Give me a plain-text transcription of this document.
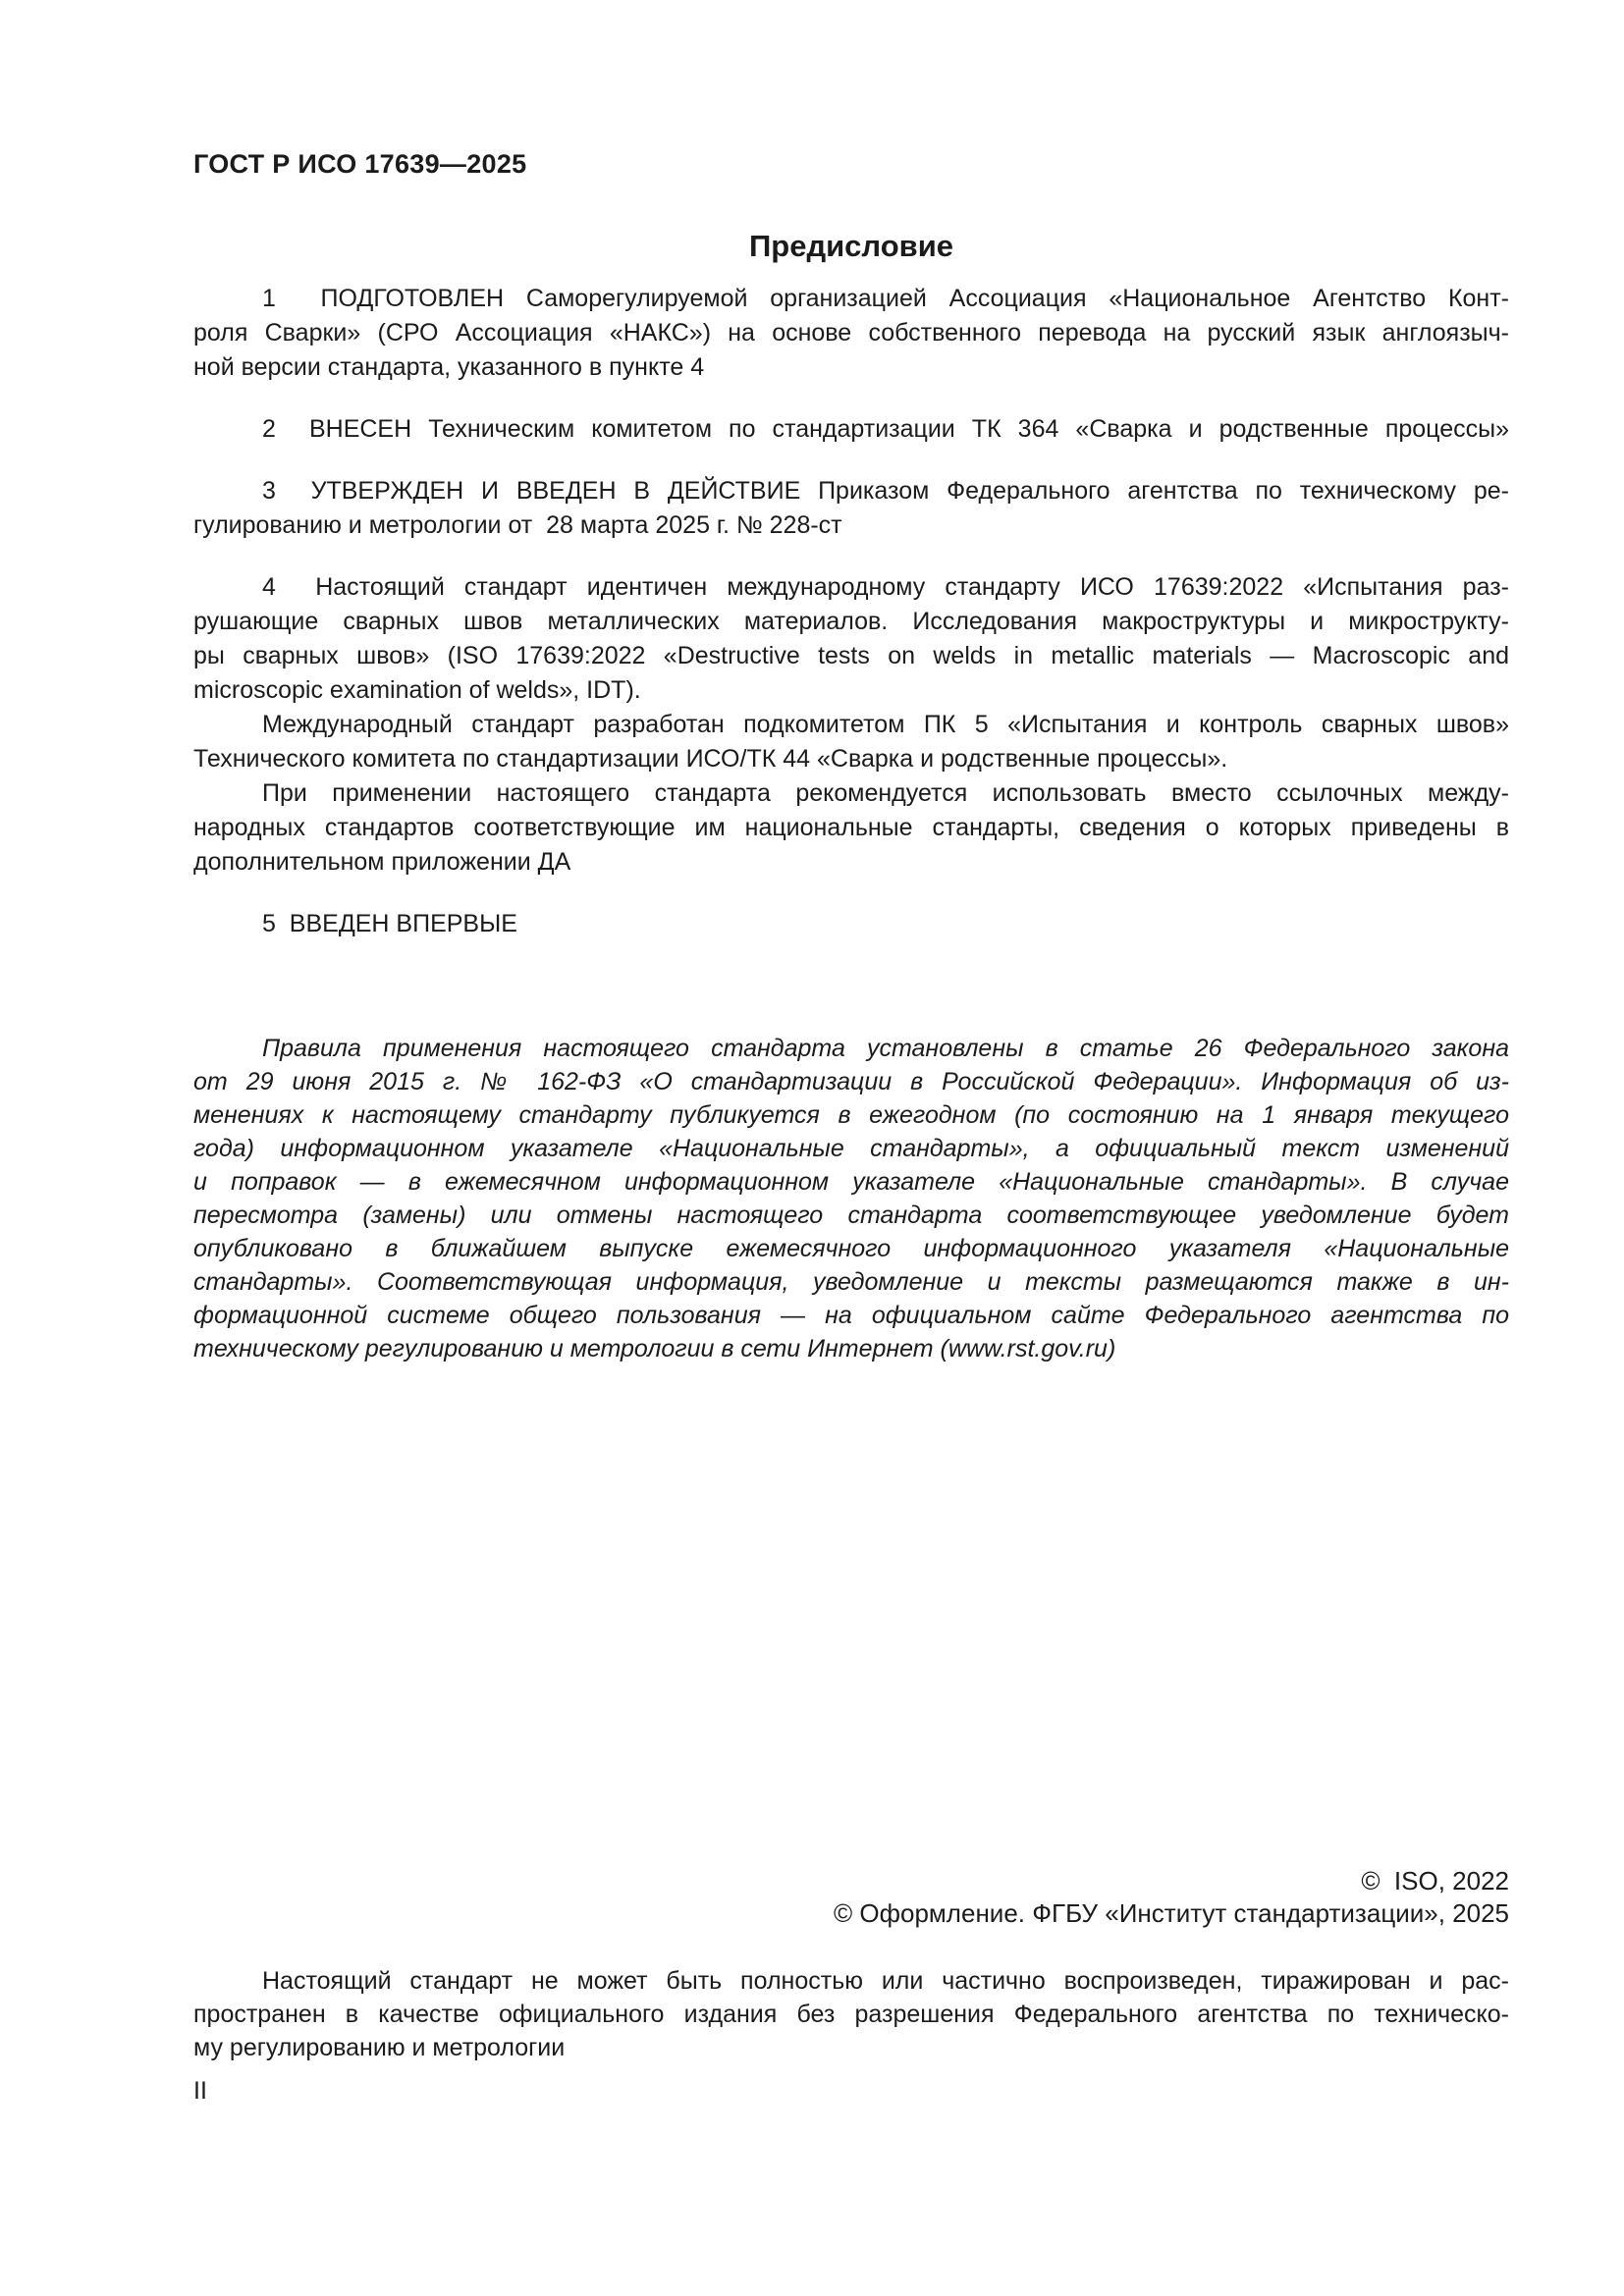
ГОСТ Р ИСО 17639—2025
Предисловие
1  ПОДГОТОВЛЕН Саморегулируемой организацией Ассоциация «Национальное Агентство Конт-
роля Сварки» (СРО Ассоциация «НАКС») на основе собственного перевода на русский язык англоязыч-
ной версии стандарта, указанного в пункте 4
2  ВНЕСЕН Техническим комитетом по стандартизации ТК 364 «Сварка и родственные процессы»
3  УТВЕРЖДЕН И ВВЕДЕН В ДЕЙСТВИЕ Приказом Федерального агентства по техническому ре-
гулированию и метрологии от  28 марта 2025 г. № 228-ст
4  Настоящий стандарт идентичен международному стандарту ИСО 17639:2022 «Испытания раз-
рушающие сварных швов металлических материалов. Исследования макроструктуры и микрострукту-
ры сварных швов» (ISO 17639:2022 «Destructive tests on welds in metallic materials — Macroscopic and
microscopic examination of welds», IDT).
Международный стандарт разработан подкомитетом ПК 5 «Испытания и контроль сварных швов»
Технического комитета по стандартизации ИСО/ТК 44 «Сварка и родственные процессы».
При применении настоящего стандарта рекомендуется использовать вместо ссылочных между-
народных стандартов соответствующие им национальные стандарты, сведения о которых приведены в
дополнительном приложении ДА
5  ВВЕДЕН ВПЕРВЫЕ
Правила применения настоящего стандарта установлены в статье 26 Федерального закона
от 29 июня 2015 г. № 162-ФЗ «О стандартизации в Российской Федерации». Информация об из-
менениях к настоящему стандарту публикуется в ежегодном (по состоянию на 1 января текущего
года) информационном указателе «Национальные стандарты», а официальный текст изменений
и поправок — в ежемесячном информационном указателе «Национальные стандарты». В случае
пересмотра (замены) или отмены настоящего стандарта соответствующее уведомление будет
опубликовано в ближайшем выпуске ежемесячного информационного указателя «Национальные
стандарты». Соответствующая информация, уведомление и тексты размещаются также в ин-
формационной системе общего пользования — на официальном сайте Федерального агентства по
техническому регулированию и метрологии в сети Интернет (www.rst.gov.ru)
©  ISO, 2022
© Оформление. ФГБУ «Институт стандартизации», 2025
Настоящий стандарт не может быть полностью или частично воспроизведен, тиражирован и рас-
пространен в качестве официального издания без разрешения Федерального агентства по техническо-
му регулированию и метрологии
II
